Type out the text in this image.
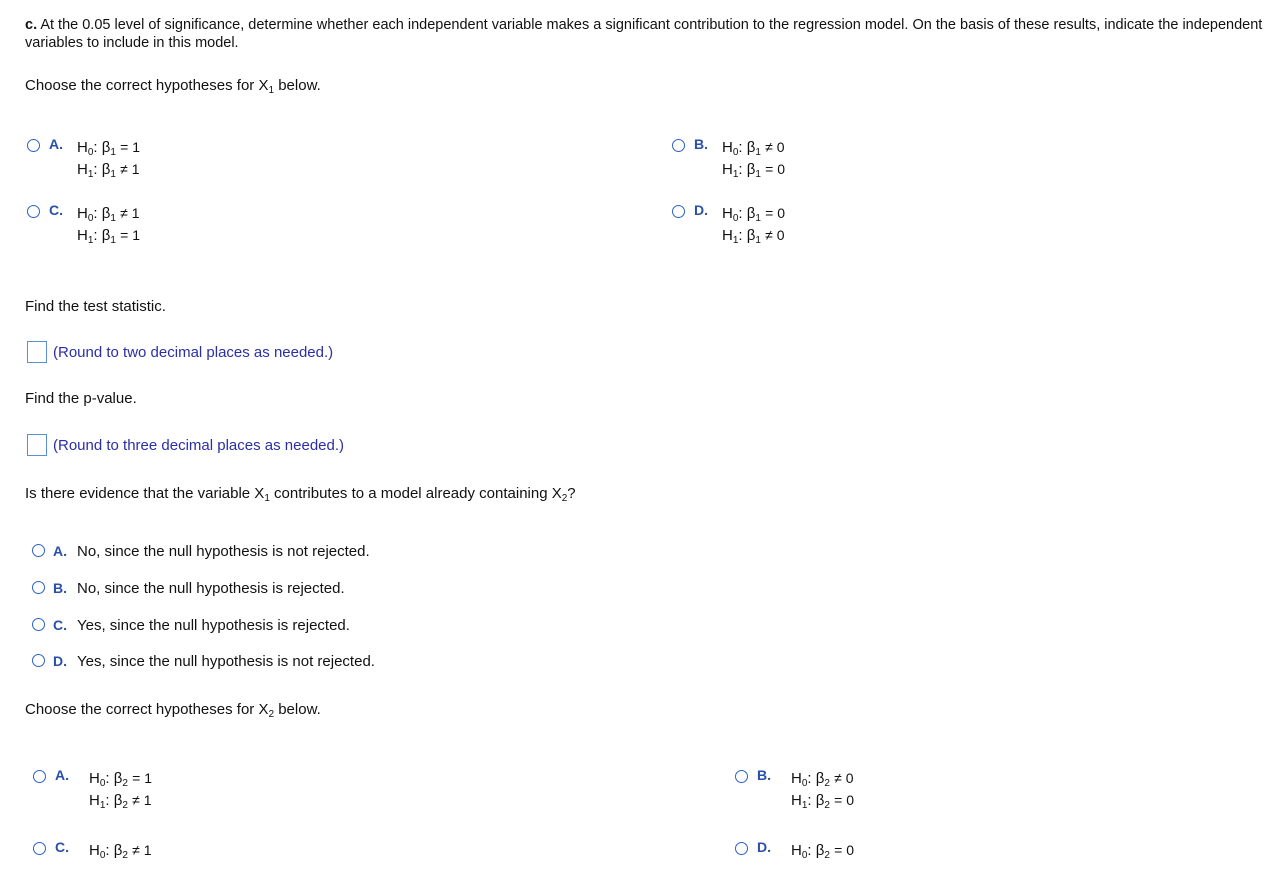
c. At the 0.05 level of significance, determine whether each independent variable makes a significant contribution to the regression model. On the basis of these results, indicate the independent variables to include in this model.
Choose the correct hypotheses for $X_1$ below.
A. $H_0$: $\beta_1 = 1$
$H_1$: $\beta_1 \ne 1$
B. $H_0$: $\beta_1 \ne 0$
$H_1$: $\beta_1 = 0$
C. $H_0$: $\beta_1 \ne 1$
$H_1$: $\beta_1 = 1$
D. $H_0$: $\beta_1 = 0$
$H_1$: $\beta_1 \ne 0$
Find the test statistic.
(Round to two decimal places as needed.)
Find the p-value.
(Round to three decimal places as needed.)
Is there evidence that the variable $X_1$ contributes to a model already containing $X_2$?
A. No, since the null hypothesis is not rejected.
B. No, since the null hypothesis is rejected.
C. Yes, since the null hypothesis is rejected.
D. Yes, since the null hypothesis is not rejected.
Choose the correct hypotheses for $X_2$ below.
A. $H_0$: $\beta_2 = 1$
$H_1$: $\beta_2 \ne 1$
B. $H_0$: $\beta_2 \ne 0$
$H_1$: $\beta_2 = 0$
C. $H_0$: $\beta_2 \ne 1$	D. $H_0$: $\beta_2 = 0$
